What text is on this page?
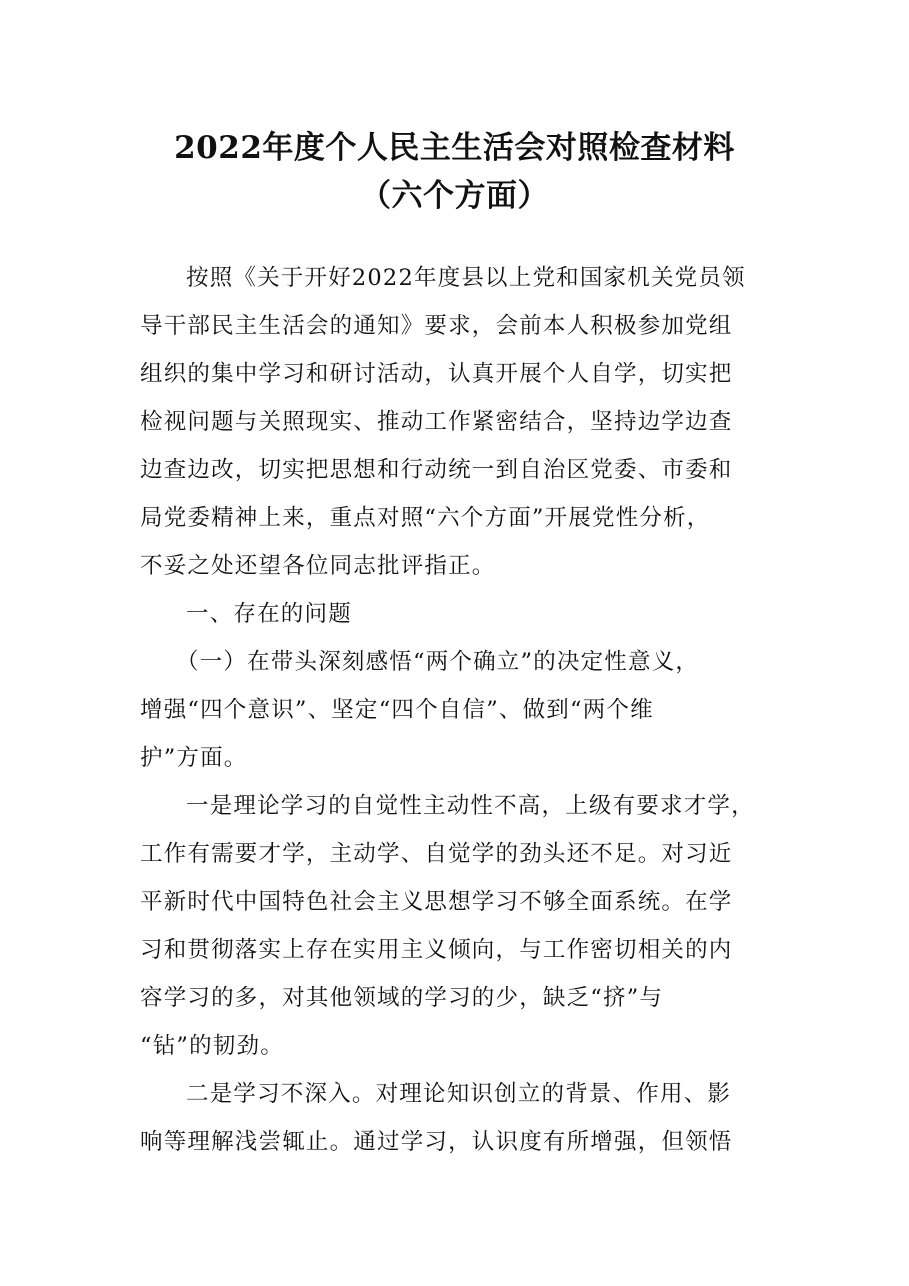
2022年度个人民主生活会对照检查材料
（六个方面）
按照《关于开好2022年度县以上党和国家机关党员领
导干部民主生活会的通知》要求，会前本人积极参加党组
组织的集中学习和研讨活动，认真开展个人自学，切实把
检视问题与关照现实、推动工作紧密结合，坚持边学边查
边查边改，切实把思想和行动统一到自治区党委、市委和
局党委精神上来，重点对照“六个方面”开展党性分析，
不妥之处还望各位同志批评指正。
一、存在的问题
（一）在带头深刻感悟“两个确立”的决定性意义，
增强“四个意识”、坚定“四个自信”、做到“两个维
护”方面。
一是理论学习的自觉性主动性不高，上级有要求才学，
工作有需要才学，主动学、自觉学的劲头还不足。对习近
平新时代中国特色社会主义思想学习不够全面系统。在学
习和贯彻落实上存在实用主义倾向，与工作密切相关的内
容学习的多，对其他领域的学习的少，缺乏“挤”与
“钻”的韧劲。
二是学习不深入。对理论知识创立的背景、作用、影
响等理解浅尝辄止。通过学习，认识度有所增强，但领悟
